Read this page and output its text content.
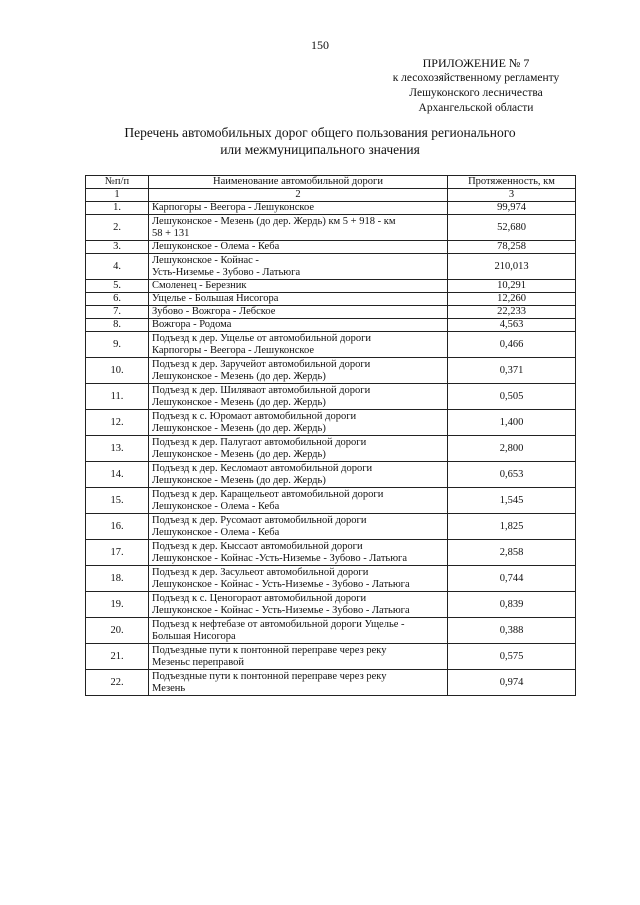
150
ПРИЛОЖЕНИЕ № 7
к лесохозяйственному регламенту
Лешуконского лесничества
Архангельской области
Перечень автомобильных дорог общего пользования регионального
или межмуниципального значения
№п/п	Наименование автомобильной дороги	Протяженность, км
1	2	3
1.	Карпогоры - Веегора - Лешуконское	99,974
2.	Лешуконское - Мезень (до дер. Жердь) км 5 + 918 - км
58 + 131	52,680
3.	Лешуконское - Олема - Кеба	78,258
4.	Лешуконское - Койнас -
Усть-Низемье - Зубово - Латьюга	210,013
5.	Смоленец - Березник	10,291
6.	Ущелье - Большая Нисогора	12,260
7.	Зубово - Вожгора - Лебское	22,233
8.	Вожгора - Родома	4,563
9.	Подъезд к дер. Ущелье от автомобильной дороги
Карпогоры - Веегора - Лешуконское	0,466
10.	Подъезд к дер. Заручейот автомобильной дороги
Лешуконское - Мезень (до дер. Жердь)	0,371
11.	Подъезд к дер. Шиляваот автомобильной дороги
Лешуконское - Мезень (до дер. Жердь)	0,505
12.	Подъезд к с. Юромаот автомобильной дороги
Лешуконское - Мезень (до дер. Жердь)	1,400
13.	Подъезд к дер. Палугаот автомобильной дороги
Лешуконское - Мезень (до дер. Жердь)	2,800
14.	Подъезд к дер. Кесломаот автомобильной дороги
Лешуконское - Мезень (до дер. Жердь)	0,653
15.	Подъезд к дер. Каращельеот автомобильной дороги
Лешуконское - Олема - Кеба	1,545
16.	Подъезд к дер. Русомаот автомобильной дороги
Лешуконское - Олема - Кеба	1,825
17.	Подъезд к дер. Кыссаот автомобильной дороги
Лешуконское - Койнас -Усть-Низемье - Зубово - Латьюга	2,858
18.	Подъезд к дер. Засульеот автомобильной дороги
Лешуконское - Койнас - Усть-Низемье - Зубово - Латьюга	0,744
19.	Подъезд к с. Ценогораот автомобильной дороги
Лешуконское - Койнас - Усть-Низемье - Зубово - Латьюга	0,839
20.	Подъезд к нефтебазе от автомобильной дороги Ущелье -
Большая Нисогора	0,388
21.	Подъездные пути к понтонной переправе через реку
Мезеньс переправой	0,575
22.	Подъездные пути к понтонной переправе через реку
Мезень	0,974
